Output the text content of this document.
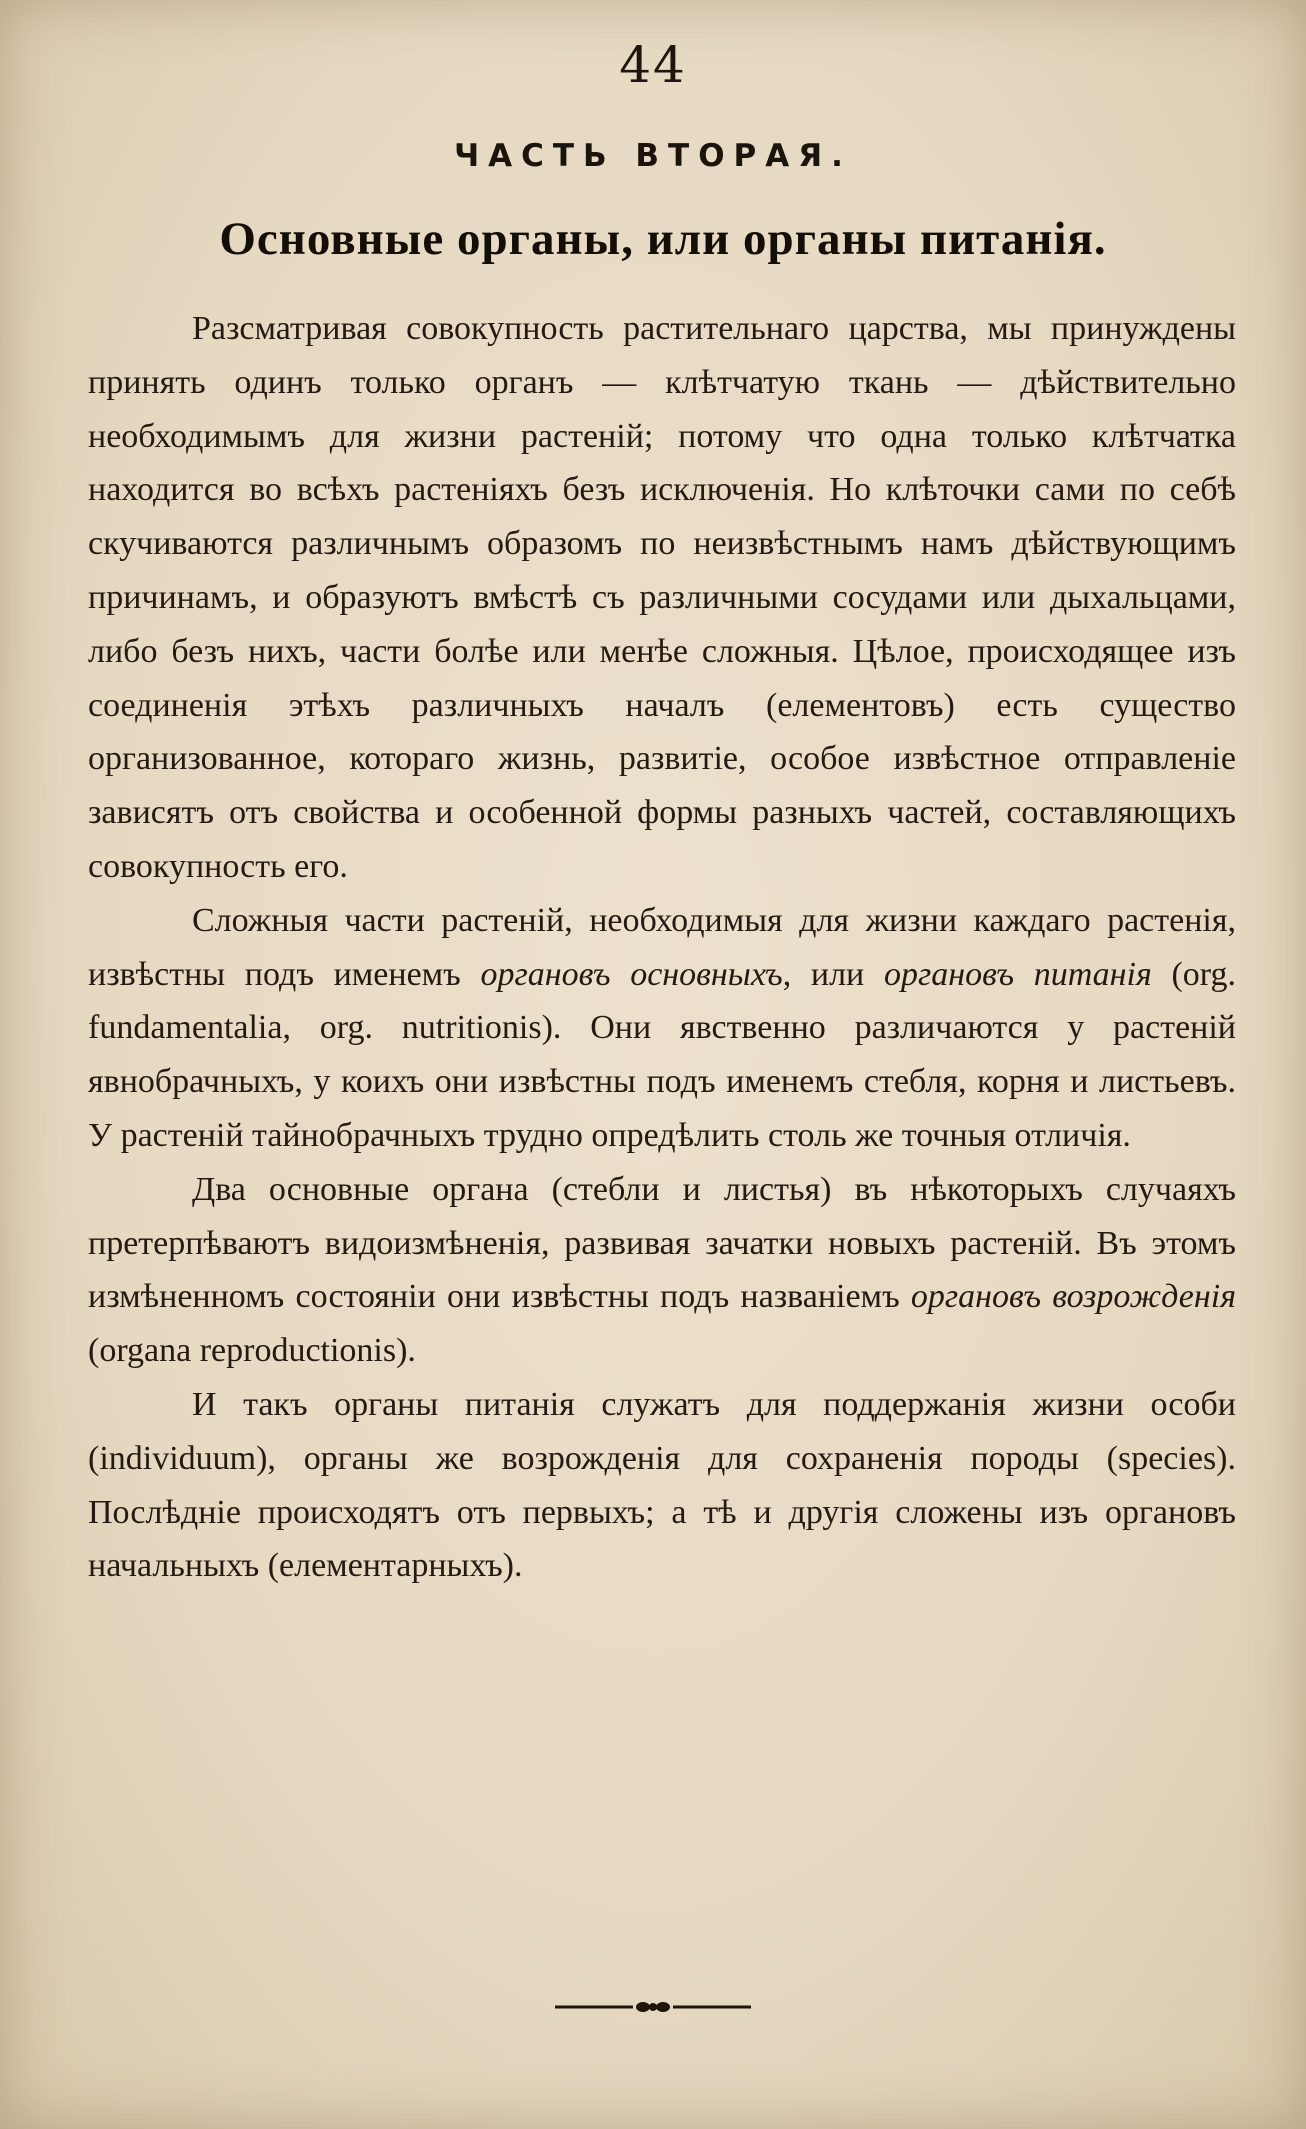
44
ЧАСТЬ ВТОРАЯ.
Основные органы, или органы питанія.

Разсматривая совокупность растительнаго царства, мы принуждены принять одинъ только органъ — клѣтчатую ткань — дѣйствительно необходимымъ для жизни растеній; потому что одна только клѣтчатка находится во всѣхъ растеніяхъ безъ исключенія. Но клѣточки сами по себѣ скучиваются различнымъ образомъ по неизвѣстнымъ намъ дѣйствующимъ причинамъ, и образуютъ вмѣстѣ съ различными сосудами или дыхальцами, либо безъ нихъ, части болѣе или менѣе сложныя. Цѣлое, происходящее изъ соединенія этѣхъ различныхъ началъ (елементовъ) есть существо организованное, котораго жизнь, развитіе, особое извѣстное отправленіе зависятъ отъ свойства и особенной формы разныхъ частей, составляющихъ совокупность его.

Сложныя части растеній, необходимыя для жизни каждаго растенія, извѣстны подъ именемъ органовъ основныхъ, или органовъ питанія (org. fundamentalia, org. nutritionis). Они явственно различаются у растеній явнобрачныхъ, у коихъ они извѣстны подъ именемъ стебля, корня и листьевъ. У растеній тайнобрачныхъ трудно опредѣлить столь же точныя отличія.

Два основные органа (стебли и листья) въ нѣкоторыхъ случаяхъ претерпѣваютъ видоизмѣненія, развивая зачатки новыхъ растеній. Въ этомъ измѣненномъ состояніи они извѣстны подъ названіемъ органовъ возрожденія (organa reproductionis).

И такъ органы питанія служатъ для поддержанія жизни особи (individuum), органы же возрожденія для сохраненія породы (species). Послѣдніе происходятъ отъ первыхъ; а тѣ и другія сложены изъ органовъ начальныхъ (елементарныхъ).
